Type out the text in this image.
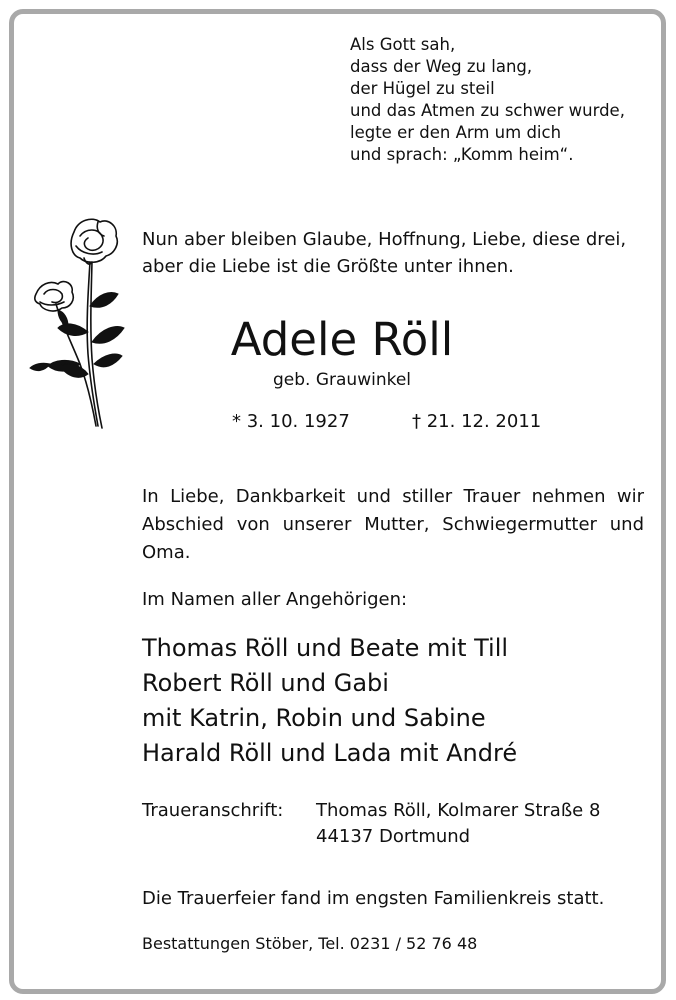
Als Gott sah,
dass der Weg zu lang,
der Hügel zu steil
und das Atmen zu schwer wurde,
legte er den Arm um dich
und sprach: „Komm heim“.
Nun aber bleiben Glaube, Hoffnung, Liebe, diese drei, aber die Liebe ist die Größte unter ihnen.
Adele Röll
geb. Grauwinkel
* 3. 10. 1927	† 21. 12. 2011
In Liebe, Dankbarkeit und stiller Trauer nehmen wir Abschied von unserer Mutter, Schwiegermutter und Oma.
Im Namen aller Angehörigen:
Thomas Röll und Beate mit Till
Robert Röll und Gabi
mit Katrin, Robin und Sabine
Harald Röll und Lada mit André
Traueranschrift: Thomas Röll, Kolmarer Straße 8
44137 Dortmund
Die Trauerfeier fand im engsten Familienkreis statt.
Bestattungen Stöber, Tel. 0231 / 52 76 48
